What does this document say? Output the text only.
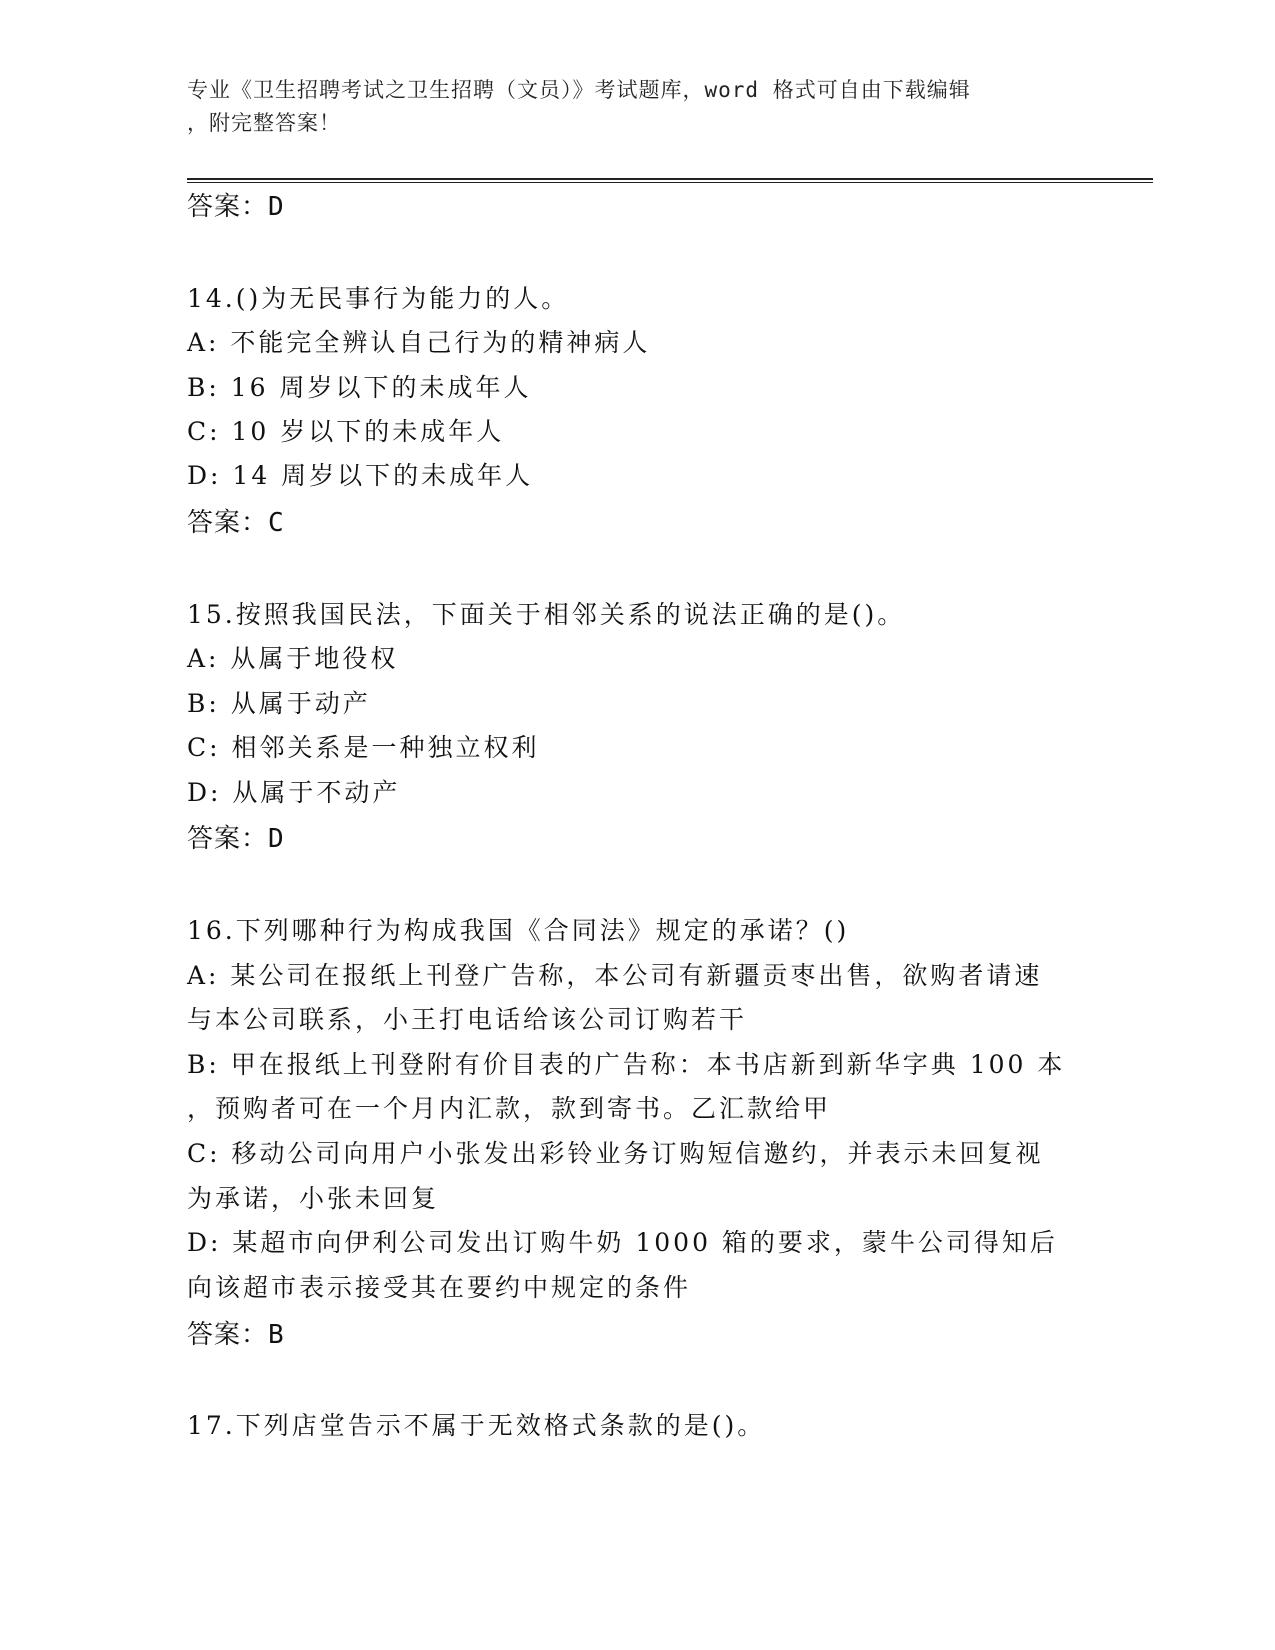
专业《卫生招聘考试之卫生招聘（文员）》考试题库，word 格式可自由下载编辑
，附完整答案！
答案：D
14.()为无民事行为能力的人。
A: 不能完全辨认自己行为的精神病人
B: 16 周岁以下的未成年人
C: 10 岁以下的未成年人
D: 14 周岁以下的未成年人
答案：C
15.按照我国民法，下面关于相邻关系的说法正确的是()。
A: 从属于地役权
B: 从属于动产
C: 相邻关系是一种独立权利
D: 从属于不动产
答案：D
16.下列哪种行为构成我国《合同法》规定的承诺？()
A: 某公司在报纸上刊登广告称，本公司有新疆贡枣出售，欲购者请速
与本公司联系，小王打电话给该公司订购若干
B: 甲在报纸上刊登附有价目表的广告称：本书店新到新华字典 100 本
，预购者可在一个月内汇款，款到寄书。乙汇款给甲
C: 移动公司向用户小张发出彩铃业务订购短信邀约，并表示未回复视
为承诺，小张未回复
D: 某超市向伊利公司发出订购牛奶 1000 箱的要求，蒙牛公司得知后
向该超市表示接受其在要约中规定的条件
答案：B
17.下列店堂告示不属于无效格式条款的是()。
